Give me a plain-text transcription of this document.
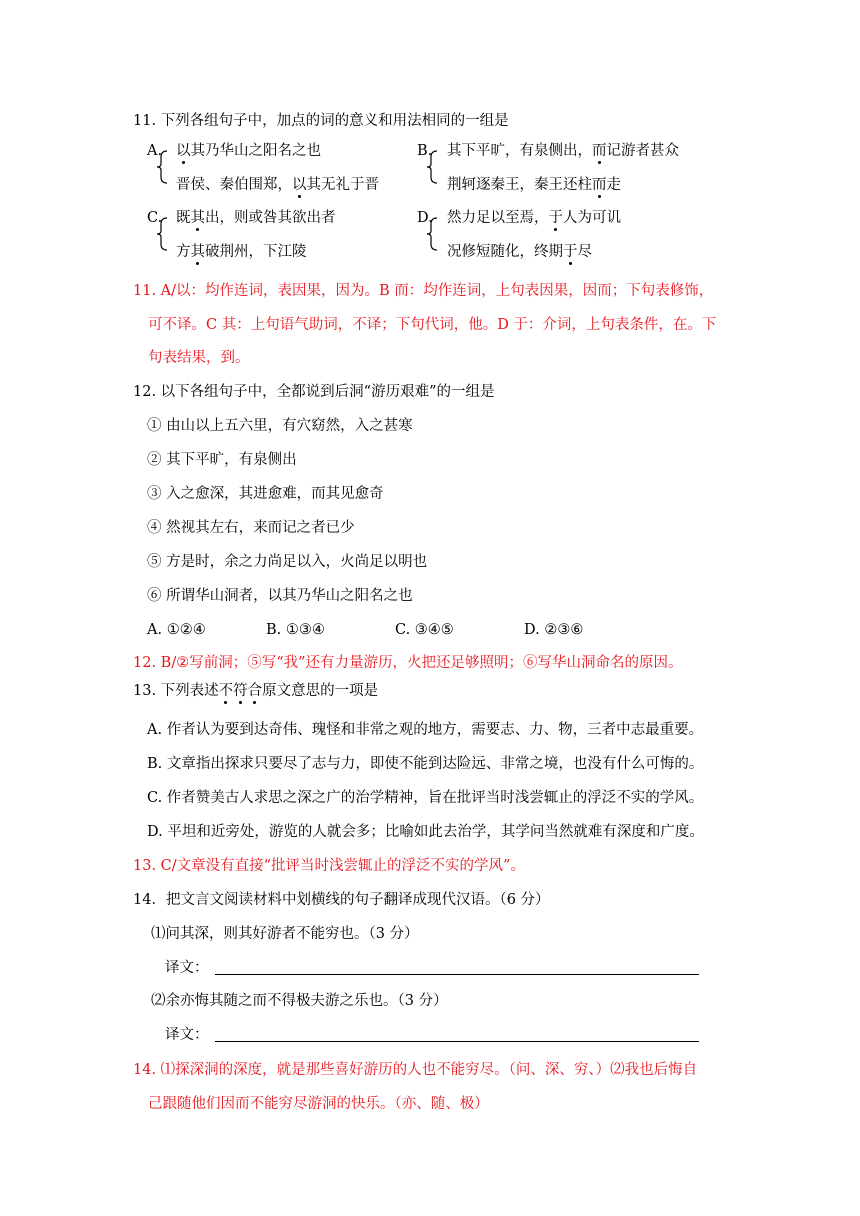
11. 下列各组句子中，加点的词的意义和用法相同的一组是
A. 以其乃华山之阳名之也
晋侯、秦伯围郑，以其无礼于晋
B. 其下平旷，有泉侧出，而记游者甚众
荆轲逐秦王，秦王还柱而走
C. 既其出，则或咎其欲出者
方其破荆州，下江陵
D. 然力足以至焉，于人为可讥
况修短随化，终期于尽
11. A/以：均作连词，表因果，因为。B 而：均作连词，上句表因果，因而；下句表修饰，
可不译。C 其：上句语气助词，不译；下句代词，他。D 于：介词，上句表条件，在。下
句表结果，到。
12. 以下各组句子中，全都说到后洞“游历艰难”的一组是
① 由山以上五六里，有穴窈然，入之甚寒
② 其下平旷，有泉侧出
③ 入之愈深，其进愈难，而其见愈奇
④ 然视其左右，来而记之者已少
⑤ 方是时，余之力尚足以入，火尚足以明也
⑥ 所谓华山洞者，以其乃华山之阳名之也
A. ①②④	B. ①③④	C. ③④⑤	D. ②③⑥
12. B/②写前洞；⑤写“我”还有力量游历，火把还足够照明；⑥写华山洞命名的原因。
13. 下列表述不符合原文意思的一项是
A. 作者认为要到达奇伟、瑰怪和非常之观的地方，需要志、力、物，三者中志最重要。
B. 文章指出探求只要尽了志与力，即使不能到达险远、非常之境，也没有什么可悔的。
C. 作者赞美古人求思之深之广的治学精神，旨在批评当时浅尝辄止的浮泛不实的学风。
D. 平坦和近旁处，游览的人就会多；比喻如此去治学，其学问当然就难有深度和广度。
13. C/文章没有直接“批评当时浅尝辄止的浮泛不实的学风”。
14．把文言文阅读材料中划横线的句子翻译成现代汉语。（6 分）
⑴问其深，则其好游者不能穷也。（3 分）
译文：
⑵余亦悔其随之而不得极夫游之乐也。（3 分）
译文：
14. ⑴探深洞的深度，就是那些喜好游历的人也不能穷尽。（问、深、穷、）⑵我也后悔自
己跟随他们因而不能穷尽游洞的快乐。（亦、随、极）
